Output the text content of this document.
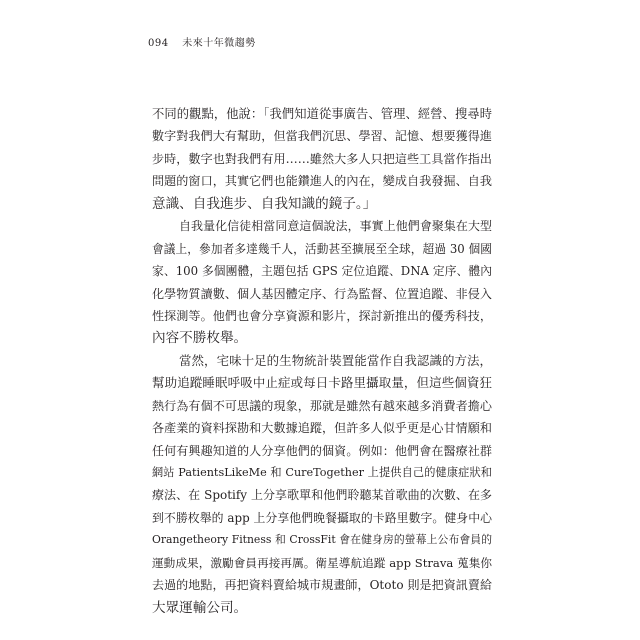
094 未來十年微趨勢
不同的觀點，他說：「我們知道從事廣告、管理、經營、搜尋時
數字對我們大有幫助，但當我們沉思、學習、記憶、想要獲得進
步時，數字也對我們有用……雖然大多人只把這些工具當作指出
問題的窗口，其實它們也能鑽進人的內在，變成自我發掘、自我
意識、自我進步、自我知識的鏡子。」
自我量化信徒相當同意這個說法，事實上他們會聚集在大型
會議上，參加者多達幾千人，活動甚至擴展至全球，超過 30 個國
家、100 多個團體，主題包括 GPS 定位追蹤、DNA 定序、體內
化學物質讀數、個人基因體定序、行為監督、位置追蹤、非侵入
性探測等。他們也會分享資源和影片，探討新推出的優秀科技，
內容不勝枚舉。
當然，宅味十足的生物統計裝置能當作自我認識的方法，
幫助追蹤睡眠呼吸中止症或每日卡路里攝取量，但這些個資狂
熱行為有個不可思議的現象，那就是雖然有越來越多消費者擔心
各產業的資料探勘和大數據追蹤，但許多人似乎更是心甘情願和
任何有興趣知道的人分享他們的個資。例如：他們會在醫療社群
網站 PatientsLikeMe 和 CureTogether 上提供自己的健康症狀和
療法、在 Spotify 上分享歌單和他們聆聽某首歌曲的次數、在多
到不勝枚舉的 app 上分享他們晚餐攝取的卡路里數字。健身中心
Orangetheory Fitness 和 CrossFit 會在健身房的螢幕上公布會員的
運動成果，激勵會員再接再厲。衛星導航追蹤 app Strava 蒐集你
去過的地點，再把資料賣給城市規畫師，Ototo 則是把資訊賣給
大眾運輸公司。
